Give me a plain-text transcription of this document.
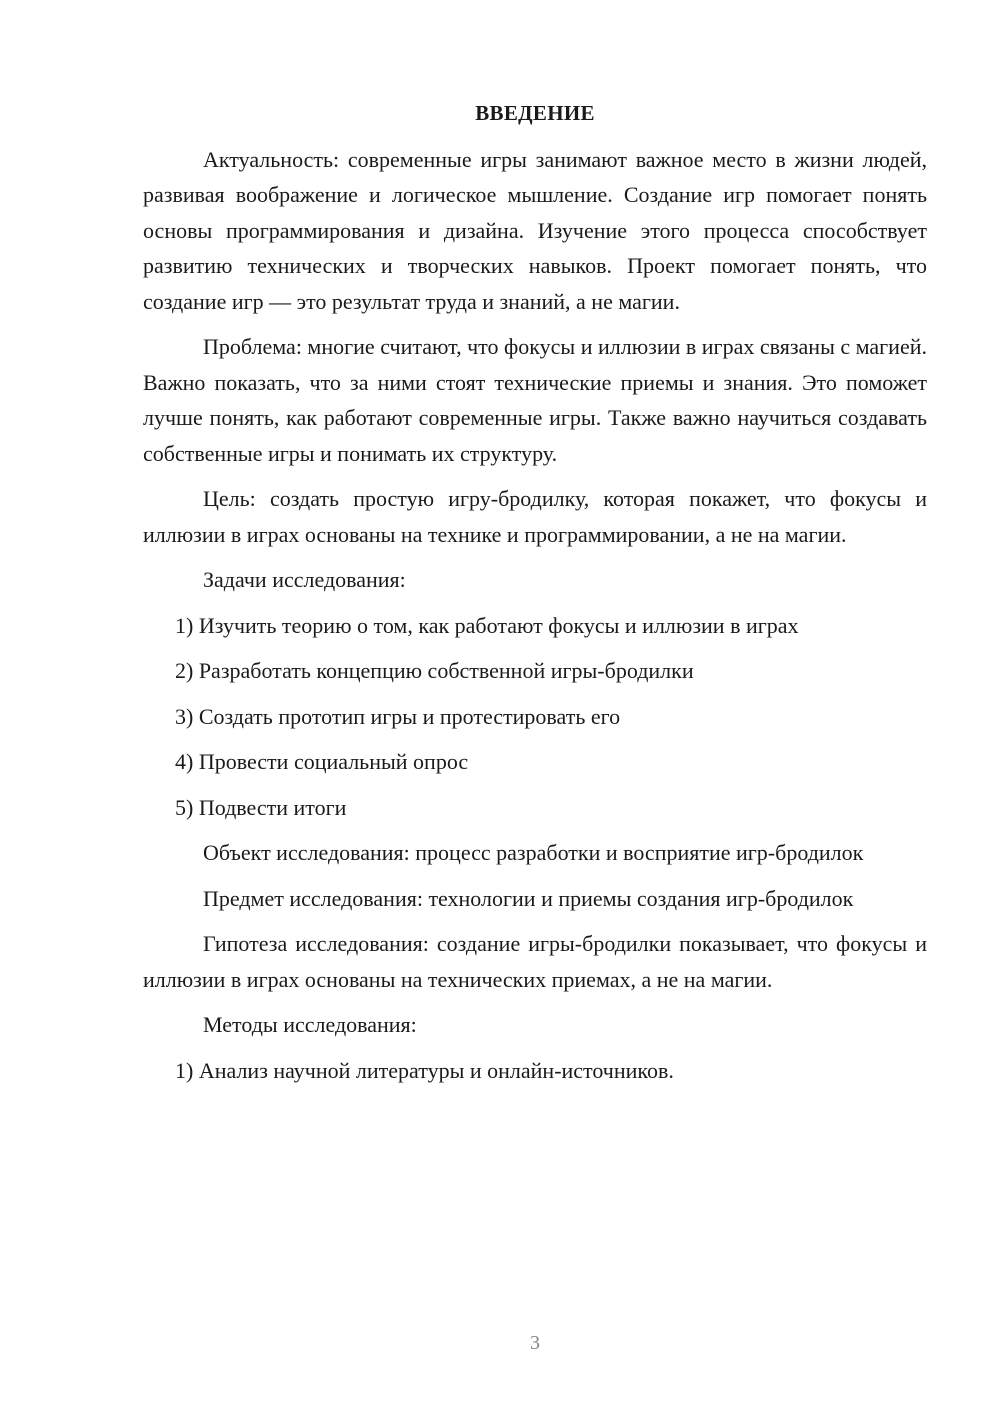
ВВЕДЕНИЕ

Актуальность: современные игры занимают важное место в жизни людей, развивая воображение и логическое мышление. Создание игр помогает понять основы программирования и дизайна. Изучение этого процесса способствует развитию технических и творческих навыков. Проект помогает понять, что создание игр — это результат труда и знаний, а не магии.

Проблема: многие считают, что фокусы и иллюзии в играх связаны с магией. Важно показать, что за ними стоят технические приемы и знания. Это поможет лучше понять, как работают современные игры. Также важно научиться создавать собственные игры и понимать их структуру.

Цель: создать простую игру-бродилку, которая покажет, что фокусы и иллюзии в играх основаны на технике и программировании, а не на магии.

Задачи исследования:

1) Изучить теорию о том, как работают фокусы и иллюзии в играх

2) Разработать концепцию собственной игры-бродилки

3) Создать прототип игры и протестировать его

4) Провести социальный опрос

5) Подвести итоги

Объект исследования: процесс разработки и восприятие игр-бродилок

Предмет исследования: технологии и приемы создания игр-бродилок

Гипотеза исследования: создание игры-бродилки показывает, что фокусы и иллюзии в играх основаны на технических приемах, а не на магии.

Методы исследования:

1) Анализ научной литературы и онлайн-источников.

3
